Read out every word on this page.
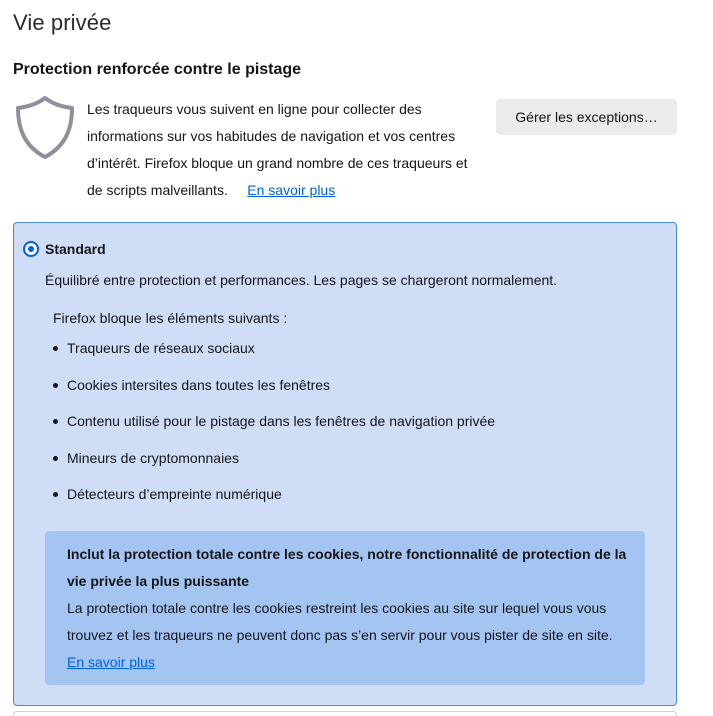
Vie privée
Protection renforcée contre le pistage
Les traqueurs vous suivent en ligne pour collecter des informations sur vos habitudes de navigation et vos centres d’intérêt. Firefox bloque un grand nombre de ces traqueurs et de scripts malveillants. En savoir plus
Gérer les exceptions…
Standard
Équilibré entre protection et performances. Les pages se chargeront normalement.
Firefox bloque les éléments suivants :
Traqueurs de réseaux sociaux
Cookies intersites dans toutes les fenêtres
Contenu utilisé pour le pistage dans les fenêtres de navigation privée
Mineurs de cryptomonnaies
Détecteurs d’empreinte numérique
Inclut la protection totale contre les cookies, notre fonctionnalité de protection de la vie privée la plus puissante
La protection totale contre les cookies restreint les cookies au site sur lequel vous vous trouvez et les traqueurs ne peuvent donc pas s’en servir pour vous pister de site en site.     En savoir plus
